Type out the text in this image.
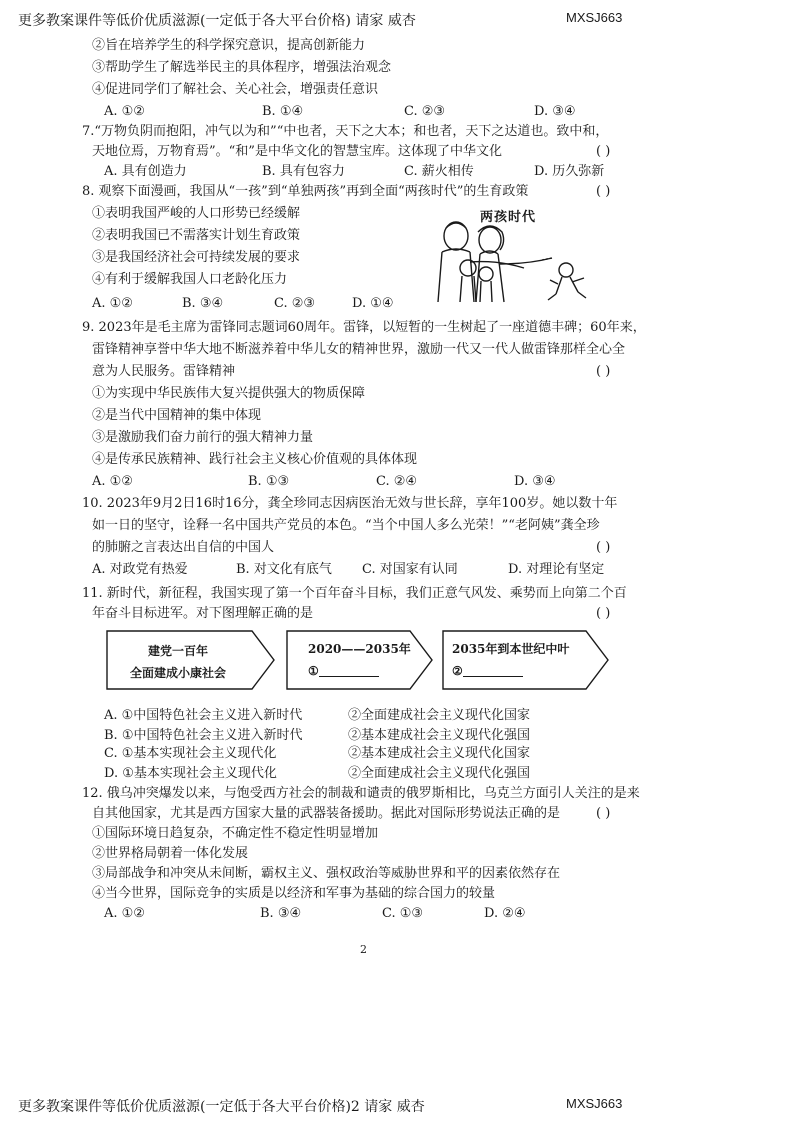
更多教案课件等低价优质滋源(一定低于各大平台价格) 请家 威杏	MXSJ663
②旨在培养学生的科学探究意识，提高创新能力
③帮助学生了解选举民主的具体程序，增强法治观念
④促进同学们了解社会、关心社会，增强责任意识
A. ①②	B. ①④	C. ②③	D. ③④
7.“万物负阴而抱阳，冲气以为和”“中也者，天下之大本；和也者，天下之达道也。致中和，
天地位焉，万物育焉”。“和”是中华文化的智慧宝库。这体现了中华文化	( )
A. 具有创造力	B. 具有包容力	C. 薪火相传	D. 历久弥新
8. 观察下面漫画，我国从“一孩”到“单独两孩”再到全面“两孩时代”的生育政策	( )
①表明我国严峻的人口形势已经缓解
②表明我国已不需落实计划生育政策
③是我国经济社会可持续发展的要求
④有利于缓解我国人口老龄化压力
A. ①②	B. ③④	C. ②③	D. ①④
两孩时代
9. 2023年是毛主席为雷锋同志题词60周年。雷锋，以短暂的一生树起了一座道德丰碑；60年来，
雷锋精神享誉中华大地不断滋养着中华儿女的精神世界，激励一代又一代人做雷锋那样全心全
意为人民服务。雷锋精神	( )
①为实现中华民族伟大复兴提供强大的物质保障
②是当代中国精神的集中体现
③是激励我们奋力前行的强大精神力量
④是传承民族精神、践行社会主义核心价值观的具体体现
A. ①②	B. ①③	C. ②④	D. ③④
10. 2023年9月2日16时16分，龚全珍同志因病医治无效与世长辞，享年100岁。她以数十年
如一日的坚守，诠释一名中国共产党员的本色。“当个中国人多么光荣！”“老阿姨”龚全珍
的肺腑之言表达出自信的中国人	( )
A. 对政党有热爱	B. 对文化有底气 C. 对国家有认同	D. 对理论有坚定
11. 新时代，新征程，我国实现了第一个百年奋斗目标，我们正意气风发、乘势而上向第二个百
年奋斗目标进军。对下图理解正确的是	( )
建党一百年
全面建成小康社会
2020——2035年
①
2035年到本世纪中叶
②
A. ①中国特色社会主义进入新时代	②全面建成社会主义现代化国家
B. ①中国特色社会主义进入新时代	②基本建成社会主义现代化强国
C. ①基本实现社会主义现代化	②基本建成社会主义现代化国家
D. ①基本实现社会主义现代化	②全面建成社会主义现代化强国
12. 俄乌冲突爆发以来，与饱受西方社会的制裁和谴责的俄罗斯相比，乌克兰方面引人关注的是来
自其他国家，尤其是西方国家大量的武器装备援助。据此对国际形势说法正确的是	( )
①国际环境日趋复杂，不确定性不稳定性明显增加
②世界格局朝着一体化发展
③局部战争和冲突从未间断，霸权主义、强权政治等威胁世界和平的因素依然存在
④当今世界，国际竞争的实质是以经济和军事为基础的综合国力的较量
A. ①②	B. ③④	C. ①③	D. ②④
2
更多教案课件等低价优质滋源(一定低于各大平台价格)2 请家 威杏	MXSJ663
